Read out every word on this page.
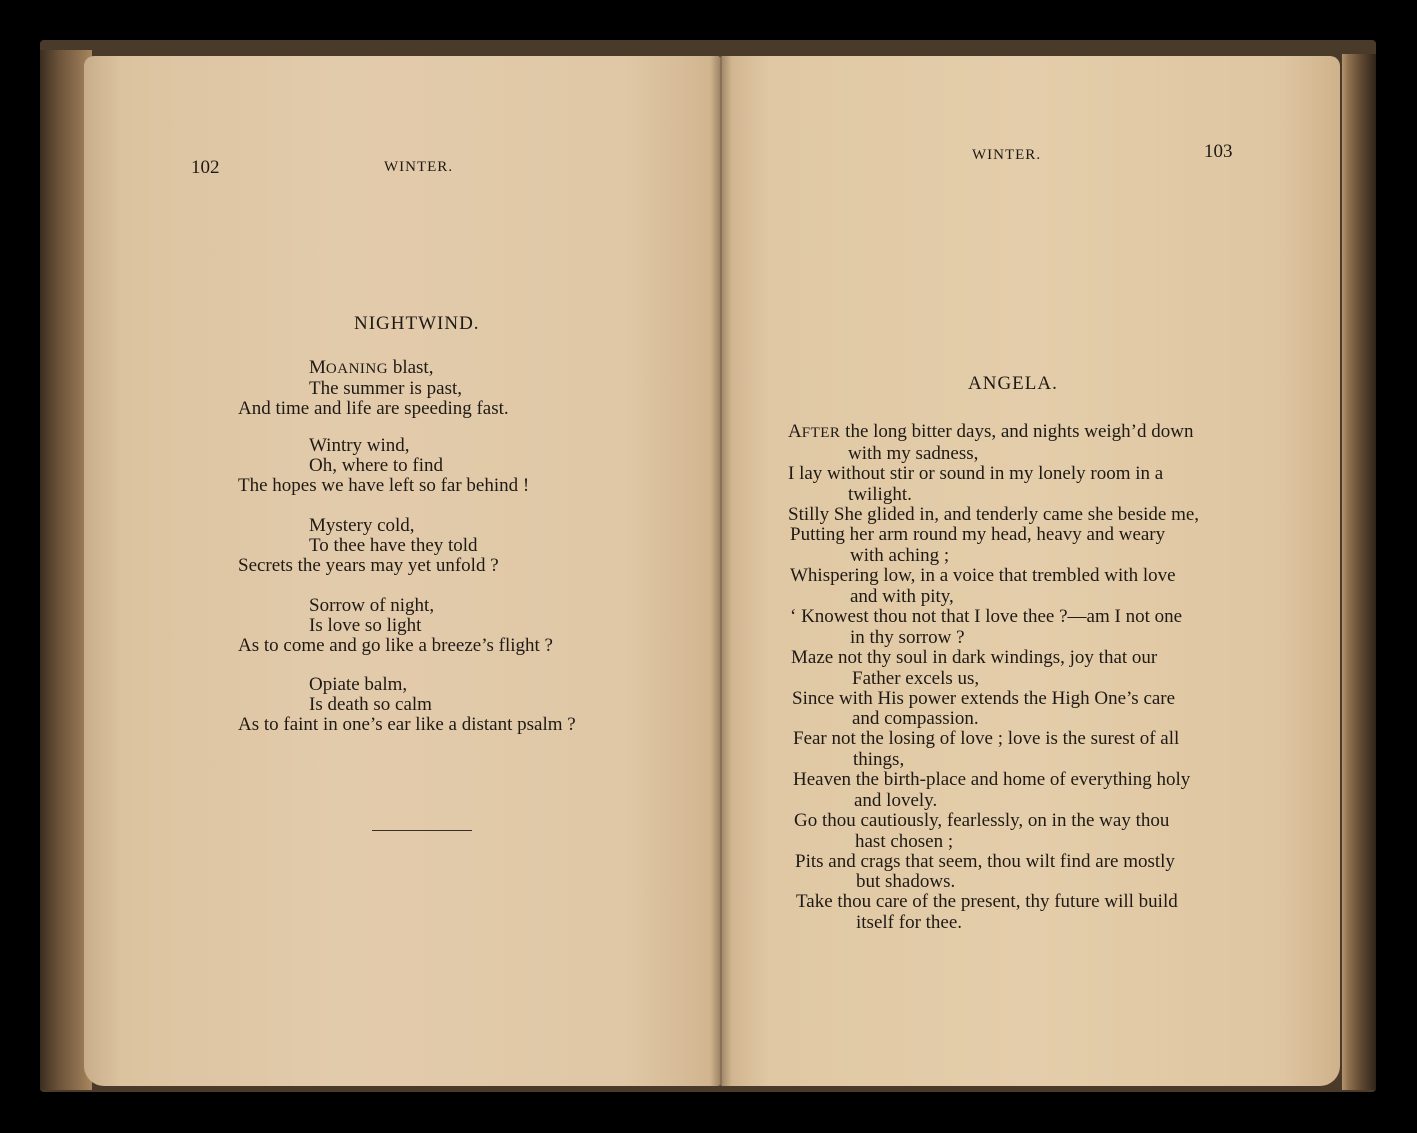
102	WINTER.
NIGHTWIND.
MOANING blast,
The summer is past,
And time and life are speeding fast.
Wintry wind,
Oh, where to find
The hopes we have left so far behind !
Mystery cold,
To thee have they told
Secrets the years may yet unfold ?
Sorrow of night,
Is love so light
As to come and go like a breeze’s flight ?
Opiate balm,
Is death so calm
As to faint in one’s ear like a distant psalm ?
WINTER.	103
ANGELA.
AFTER the long bitter days, and nights weigh’d down
with my sadness,
I lay without stir or sound in my lonely room in a
twilight.
Stilly She glided in, and tenderly came she beside me,
Putting her arm round my head, heavy and weary
with aching ;
Whispering low, in a voice that trembled with love
and with pity,
‘ Knowest thou not that I love thee ?—am I not one
in thy sorrow ?
Maze not thy soul in dark windings, joy that our
Father excels us,
Since with His power extends the High One’s care
and compassion.
Fear not the losing of love ; love is the surest of all
things,
Heaven the birth-place and home of everything holy
and lovely.
Go thou cautiously, fearlessly, on in the way thou
hast chosen ;
Pits and crags that seem, thou wilt find are mostly
but shadows.
Take thou care of the present, thy future will build
itself for thee.
